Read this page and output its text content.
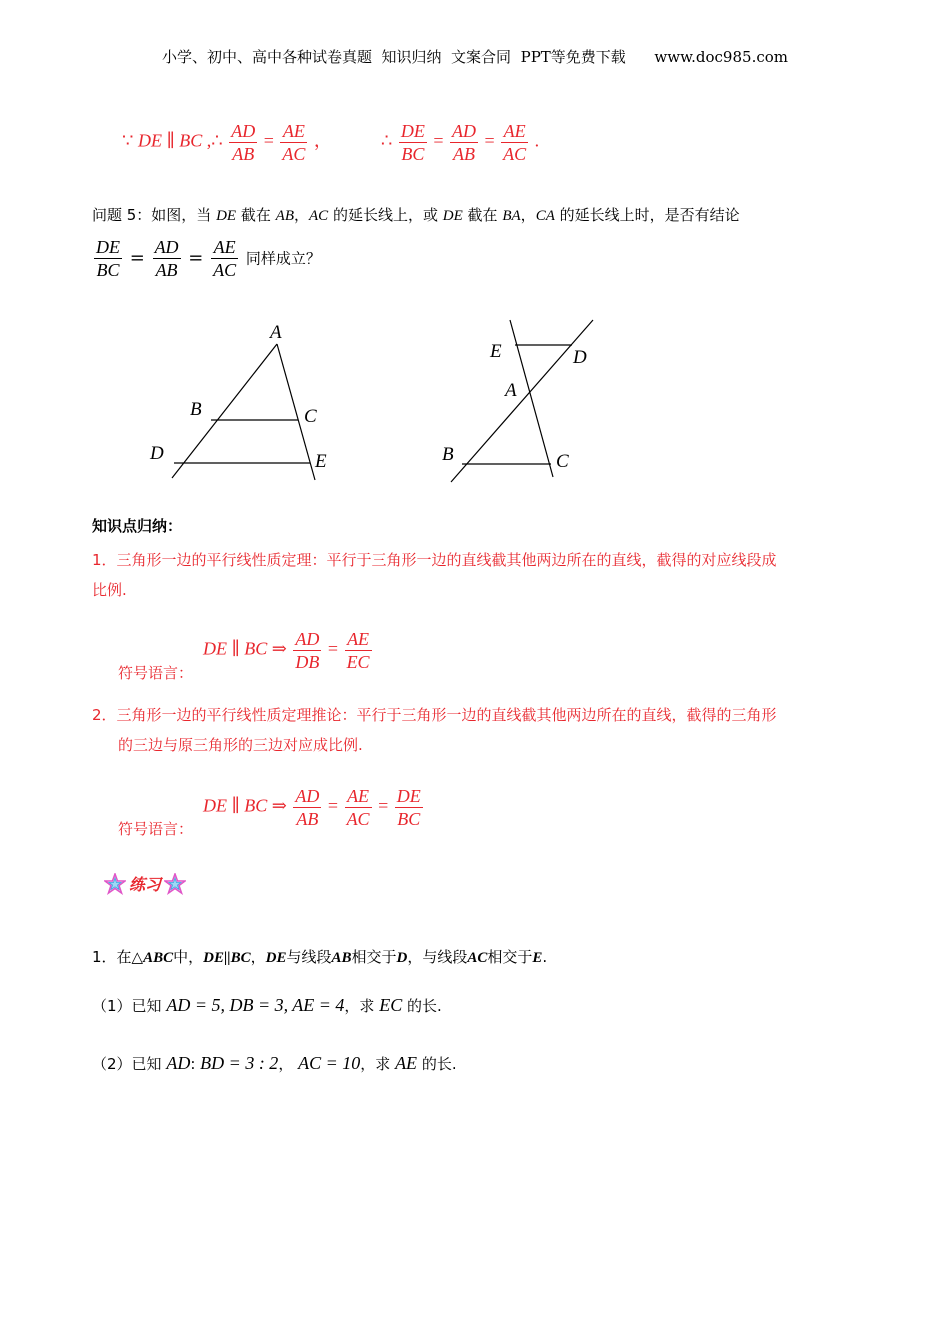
小学、初中、高中各种试卷真题  知识归纳  文案合同  PPT等免费下载      www.doc985.com
∵ DE ∥ BC ,∴ $\frac{AD}{AB} = \frac{AE}{AC}$ ，	∴ $\frac{DE}{BC} = \frac{AD}{AB} = \frac{AE}{AC}$ .
问题 5：如图，当 DE 截在 AB，AC 的延长线上，或 DE 截在 BA，CA 的延长线上时，是否有结论
$\frac{DE}{BC} = \frac{AD}{AB} = \frac{AE}{AC}$ 同样成立？
A
B	C
D	E
E	D
A
B	C
知识点归纳：
1．三角形一边的平行线性质定理：平行于三角形一边的直线截其他两边所在的直线，截得的对应线段成
比例.
符号语言：
DE ∥ BC ⇒ $\frac{AD}{DB} = \frac{AE}{EC}$
2．三角形一边的平行线性质定理推论：平行于三角形一边的直线截其他两边所在的直线，截得的三角形
的三边与原三角形的三边对应成比例.
符号语言：
DE ∥ BC ⇒ $\frac{AD}{AB} = \frac{AE}{AC} = \frac{DE}{BC}$
练习
1．在△ABC中，DE||BC，DE与线段AB相交于D，与线段AC相交于E.
（1）已知 AD = 5, DB = 3, AE = 4，求 EC 的长.
（2）已知 AD: BD = 3 : 2， AC = 10，求 AE 的长.
